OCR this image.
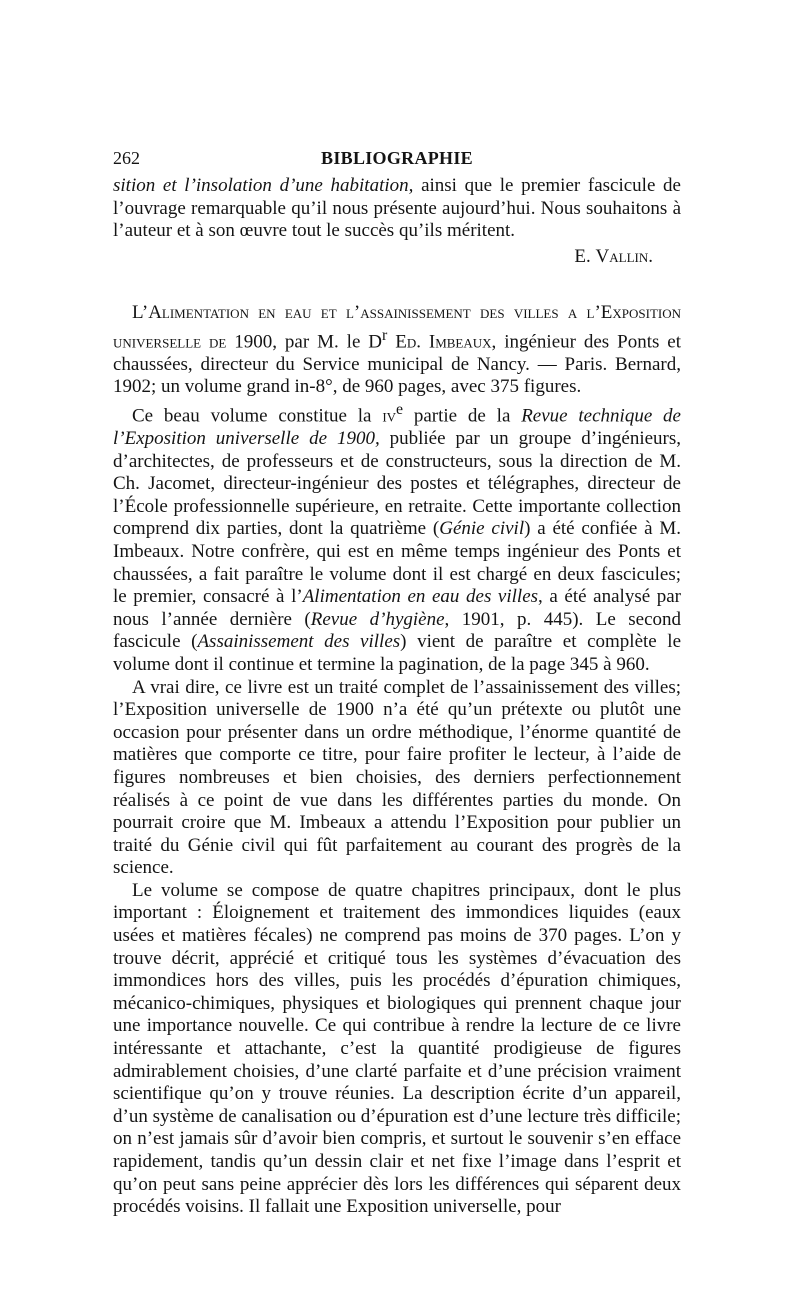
262	BIBLIOGRAPHIE

sition et l’insolation d’une habitation, ainsi que le premier fascicule de l’ouvrage remarquable qu’il nous présente aujourd’hui. Nous souhaitons à l’auteur et à son œuvre tout le succès qu’ils méritent.

E. Vallin.

L’Alimentation en eau et l’assainissement des villes a l’Exposition universelle de 1900, par M. le $D^r$ Ed. Imbeaux, ingénieur des Ponts et chaussées, directeur du Service municipal de Nancy. — Paris. Bernard, 1902; un volume grand in-8°, de 960 pages, avec 375 figures.

Ce beau volume constitue la $iv^e$ partie de la Revue technique de l’Exposition universelle de 1900, publiée par un groupe d’ingénieurs, d’architectes, de professeurs et de constructeurs, sous la direction de M. Ch. Jacomet, directeur-ingénieur des postes et télégraphes, directeur de l’École professionnelle supérieure, en retraite. Cette importante collection comprend dix parties, dont la quatrième (Génie civil) a été confiée à M. Imbeaux. Notre confrère, qui est en même temps ingénieur des Ponts et chaussées, a fait paraître le volume dont il est chargé en deux fascicules; le premier, consacré à l’Alimentation en eau des villes, a été analysé par nous l’année dernière (Revue d’hygiène, 1901, p. 445). Le second fascicule (Assainissement des villes) vient de paraître et complète le volume dont il continue et termine la pagination, de la page 345 à 960.

A vrai dire, ce livre est un traité complet de l’assainissement des villes; l’Exposition universelle de 1900 n’a été qu’un prétexte ou plutôt une occasion pour présenter dans un ordre méthodique, l’énorme quantité de matières que comporte ce titre, pour faire profiter le lecteur, à l’aide de figures nombreuses et bien choisies, des derniers perfectionnement réalisés à ce point de vue dans les différentes parties du monde. On pourrait croire que M. Imbeaux a attendu l’Exposition pour publier un traité du Génie civil qui fût parfaitement au courant des progrès de la science.

Le volume se compose de quatre chapitres principaux, dont le plus important : Éloignement et traitement des immondices liquides (eaux usées et matières fécales) ne comprend pas moins de 370 pages. L’on y trouve décrit, apprécié et critiqué tous les systèmes d’évacuation des immondices hors des villes, puis les procédés d’épuration chimiques, mécanico-chimiques, physiques et biologiques qui prennent chaque jour une importance nouvelle. Ce qui contribue à rendre la lecture de ce livre intéressante et attachante, c’est la quantité prodigieuse de figures admirablement choisies, d’une clarté parfaite et d’une précision vraiment scientifique qu’on y trouve réunies. La description écrite d’un appareil, d’un système de canalisation ou d’épuration est d’une lecture très difficile; on n’est jamais sûr d’avoir bien compris, et surtout le souvenir s’en efface rapidement, tandis qu’un dessin clair et net fixe l’image dans l’esprit et qu’on peut sans peine apprécier dès lors les différences qui séparent deux procédés voisins. Il fallait une Exposition universelle, pour
